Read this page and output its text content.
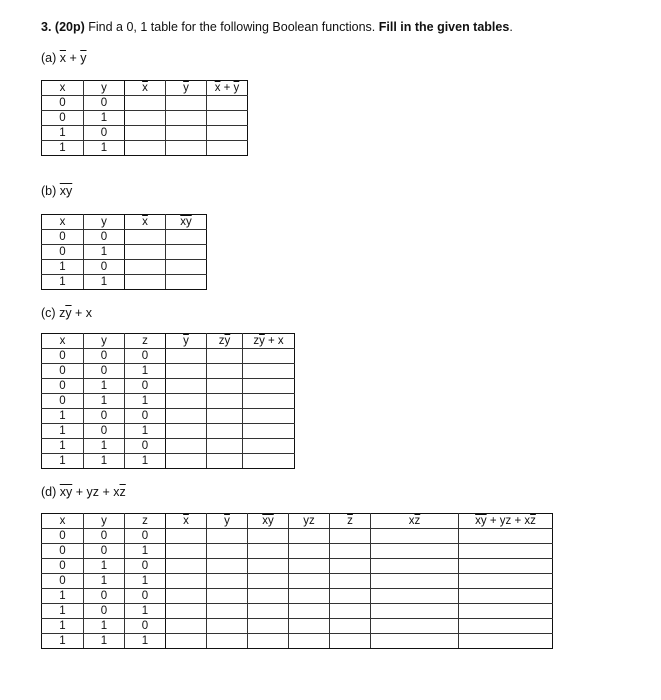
3. (20p) Find a 0, 1 table for the following Boolean functions. Fill in the given tables.
(a) $\overline{x} + \overline{y}$
x	y	$\overline{x}$	$\overline{y}$	$\overline{x} + \overline{y}$
0	0			
0	1			
1	0			
1	1			
(b) $\overline{xy}$
x	y	$\overline{x}$	$\overline{xy}$
0	0		
0	1		
1	0		
1	1		
(c) $z\overline{y} + x$
x	y	z	$\overline{y}$	$z\overline{y}$	$z\overline{y} + x$
0	0	0			
0	0	1			
0	1	0			
0	1	1			
1	0	0			
1	0	1			
1	1	0			
1	1	1			
(d) $\overline{xy}$ + yz + $x\overline{z}$
x	y	z	$\overline{x}$	$\overline{y}$	$\overline{xy}$	yz	$\overline{z}$	$x\overline{z}$	$\overline{xy}$ + yz + $x\overline{z}$
0	0	0							
0	0	1							
0	1	0							
0	1	1							
1	0	0							
1	0	1							
1	1	0							
1	1	1							
